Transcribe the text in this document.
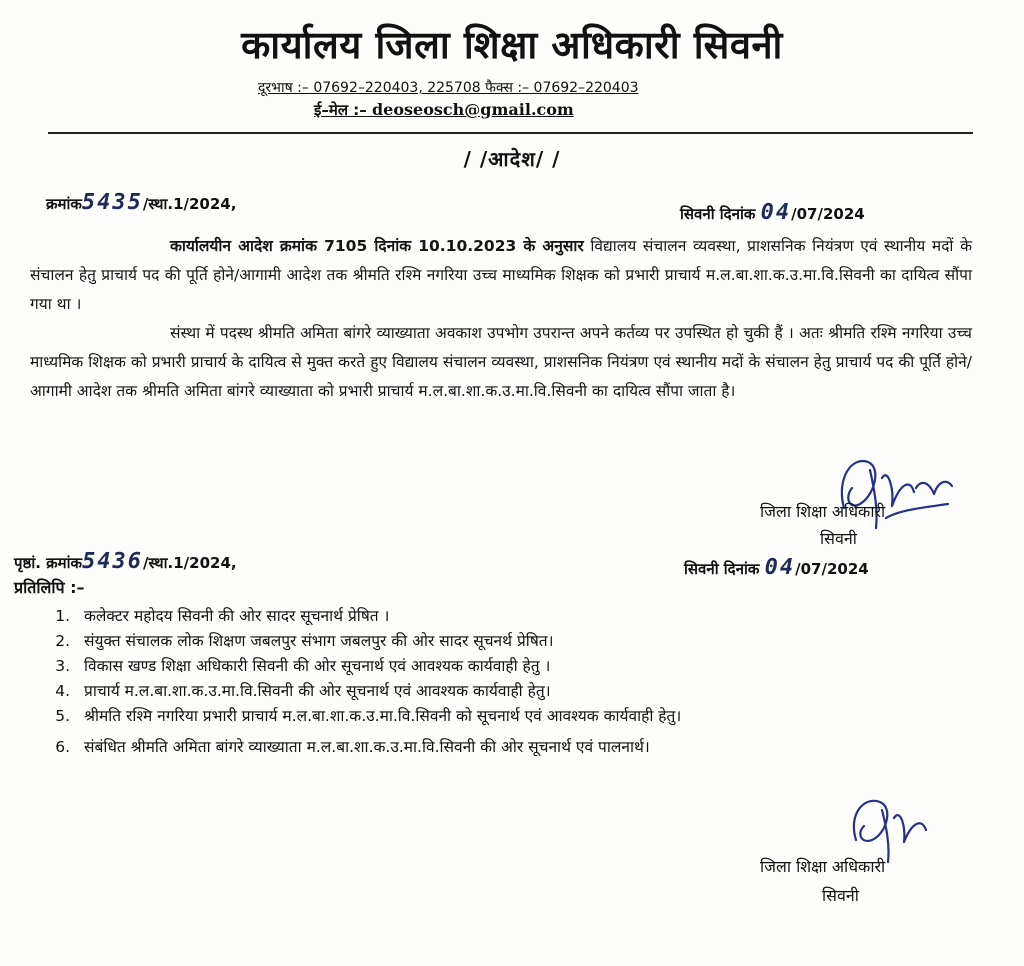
कार्यालय जिला शिक्षा अधिकारी सिवनी
दूरभाष :– 07692–220403, 225708 फैक्स :– 07692–220403
ई–मेल :– deoseosch@gmail.com
/ /आदेश/ /
क्रमांक5435/स्था.1/2024,
सिवनी दिनांक 04/07/2024

कार्यालयीन आदेश क्रमांक 7105 दिनांक 10.10.2023 के अनुसार विद्यालय संचालन व्यवस्था, प्राशसनिक नियंत्रण एवं स्थानीय मदों के संचालन हेतु प्राचार्य पद की पूर्ति होने/आगामी आदेश तक श्रीमति रश्मि नगरिया उच्च माध्यमिक शिक्षक को प्रभारी प्राचार्य म.ल.बा.शा.क.उ.मा.वि.सिवनी का दायित्व सौंपा गया था ।

संस्था में पदस्थ श्रीमति अमिता बांगरे व्याख्याता अवकाश उपभोग उपरान्त अपने कर्तव्य पर उपस्थित हो चुकी हैं । अतः श्रीमति रश्मि नगरिया उच्च माध्यमिक शिक्षक को प्रभारी प्राचार्य के दायित्व से मुक्त करते हुए विद्यालय संचालन व्यवस्था, प्राशसनिक नियंत्रण एवं स्थानीय मदों के संचालन हेतु प्राचार्य पद की पूर्ति होने/आगामी आदेश तक श्रीमति अमिता बांगरे व्याख्याता को प्रभारी प्राचार्य म.ल.बा.शा.क.उ.मा.वि.सिवनी का दायित्व सौंपा जाता है।

जिला शिक्षा अधिकारी
सिवनी
पृष्ठां. क्रमांक5436/स्था.1/2024,	सिवनी दिनांक 04/07/2024
प्रतिलिपि :–
1. कलेक्टर महोदय सिवनी की ओर सादर सूचनार्थ प्रेषित ।
2. संयुक्त संचालक लोक शिक्षण जबलपुर संभाग जबलपुर की ओर सादर सूचनर्थ प्रेषित।
3. विकास खण्ड शिक्षा अधिकारी सिवनी की ओर सूचनार्थ एवं आवश्यक कार्यवाही हेतु ।
4. प्राचार्य म.ल.बा.शा.क.उ.मा.वि.सिवनी की ओर सूचनार्थ एवं आवश्यक कार्यवाही हेतु।
5. श्रीमति रश्मि नगरिया प्रभारी प्राचार्य म.ल.बा.शा.क.उ.मा.वि.सिवनी को सूचनार्थ एवं आवश्यक कार्यवाही हेतु।
6. संबंधित श्रीमति अमिता बांगरे व्याख्याता म.ल.बा.शा.क.उ.मा.वि.सिवनी की ओर सूचनार्थ एवं पालनार्थ।
जिला शिक्षा अधिकारी
सिवनी
